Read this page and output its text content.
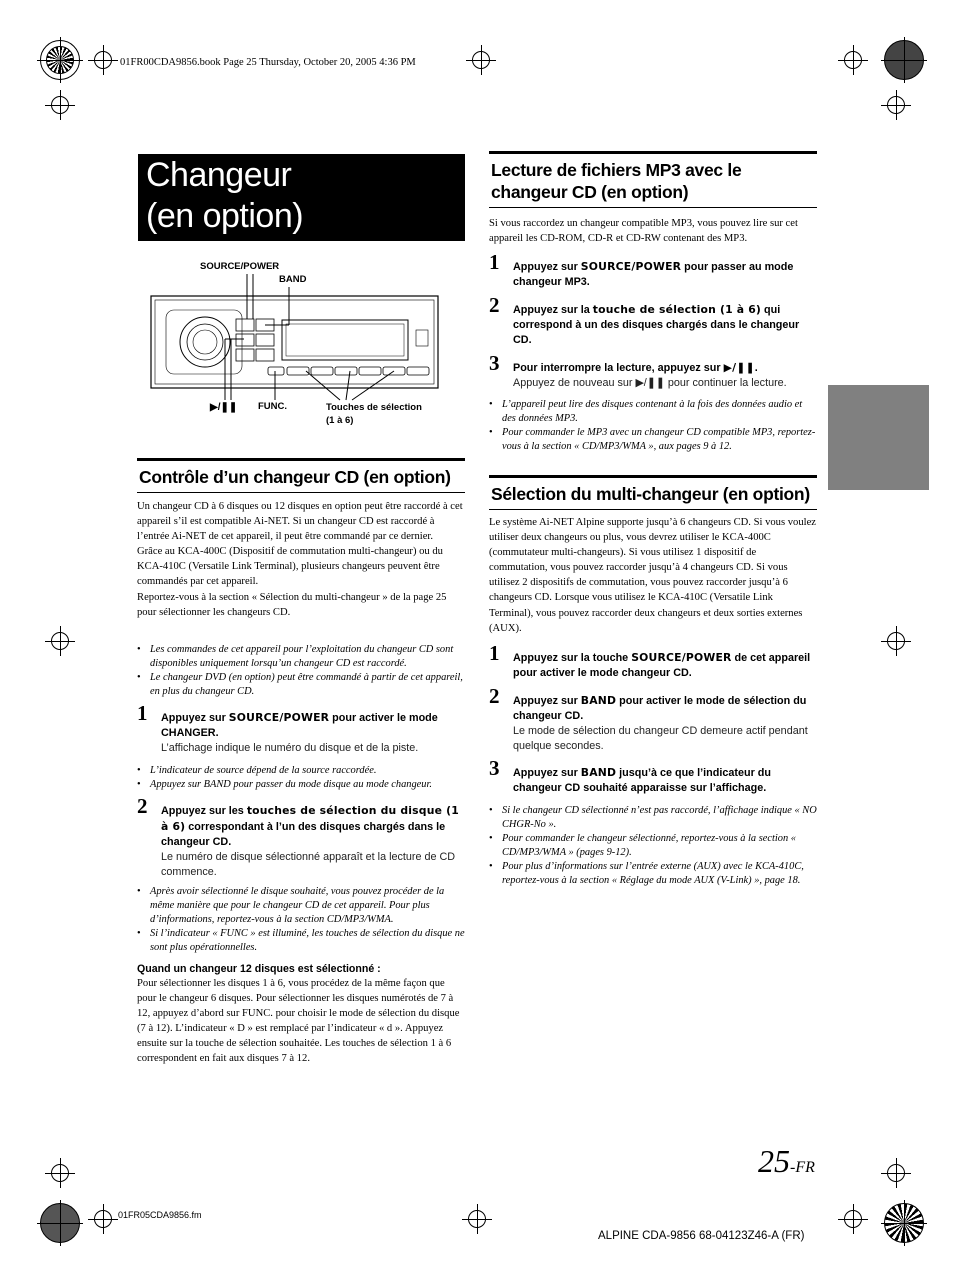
01FR00CDA9856.book Page 25 Thursday, October 20, 2005 4:36 PM
Changeur
(en option)
SOURCE/POWER
BAND
▶/❚❚ FUNC.	Touches de sélection
(1 à 6)
Contrôle d’un changeur CD (en option)
Un changeur CD à 6 disques ou 12 disques en option peut être raccordé à cet appareil s’il est compatible Ai-NET. Si un changeur CD est raccordé à l’entrée Ai-NET de cet appareil, il peut être commandé par ce dernier.
Grâce au KCA-400C (Dispositif de commutation multi-changeur) ou du KCA-410C (Versatile Link Terminal), plusieurs changeurs peuvent être commandés par cet appareil.
Reportez-vous à la section « Sélection du multi-changeur » de la page 25 pour sélectionner les changeurs CD.
• Les commandes de cet appareil pour l’exploitation du changeur CD sont disponibles uniquement lorsqu’un changeur CD est raccordé.
• Le changeur DVD (en option) peut être commandé à partir de cet appareil, en plus du changeur CD.
1 Appuyez sur SOURCE/POWER pour activer le mode CHANGER.
L’affichage indique le numéro du disque et de la piste.
• L’indicateur de source dépend de la source raccordée.
• Appuyez sur BAND pour passer du mode disque au mode changeur.
2 Appuyez sur les touches de sélection du disque (1 à 6) correspondant à l’un des disques chargés dans le changeur CD.
Le numéro de disque sélectionné apparaît et la lecture de CD commence.
• Après avoir sélectionné le disque souhaité, vous pouvez procéder de la même manière que pour le changeur CD de cet appareil. Pour plus d’informations, reportez-vous à la section CD/MP3/WMA.
• Si l’indicateur « FUNC » est illuminé, les touches de sélection du disque ne sont plus opérationnelles.
Quand un changeur 12 disques est sélectionné :
Pour sélectionner les disques 1 à 6, vous procédez de la même façon que pour le changeur 6 disques. Pour sélectionner les disques numérotés de 7 à 12, appuyez d’abord sur FUNC. pour choisir le mode de sélection du disque (7 à 12). L’indicateur « D » est remplacé par l’indicateur « d ». Appuyez ensuite sur la touche de sélection souhaitée. Les touches de sélection 1 à 6 correspondent en fait aux disques 7 à 12.
Lecture de fichiers MP3 avec le changeur CD (en option)
Si vous raccordez un changeur compatible MP3, vous pouvez lire sur cet appareil les CD-ROM, CD-R et CD-RW contenant des MP3.
1 Appuyez sur SOURCE/POWER pour passer au mode changeur MP3.
2 Appuyez sur la touche de sélection (1 à 6) qui correspond à un des disques chargés dans le changeur CD.
3 Pour interrompre la lecture, appuyez sur ▶/❚❚.
Appuyez de nouveau sur ▶/❚❚ pour continuer la lecture.
• L’appareil peut lire des disques contenant à la fois des données audio et des données MP3.
• Pour commander le MP3 avec un changeur CD compatible MP3, reportez-vous à la section « CD/MP3/WMA », aux pages 9 à 12.
Sélection du multi-changeur (en option)
Le système Ai-NET Alpine supporte jusqu’à 6 changeurs CD. Si vous voulez utiliser deux changeurs ou plus, vous devrez utiliser le KCA-400C (commutateur multi-changeurs). Si vous utilisez 1 dispositif de commutation, vous pouvez raccorder jusqu’à 4 changeurs CD. Si vous utilisez 2 dispositifs de commutation, vous pouvez raccorder jusqu’à 6 changeurs CD. Lorsque vous utilisez le KCA-410C (Versatile Link Terminal), vous pouvez raccorder deux changeurs et deux sorties externes (AUX).
1 Appuyez sur la touche SOURCE/POWER de cet appareil pour activer le mode changeur CD.
2 Appuyez sur BAND pour activer le mode de sélection du changeur CD.
Le mode de sélection du changeur CD demeure actif pendant quelque secondes.
3 Appuyez sur BAND jusqu’à ce que l’indicateur du changeur CD souhaité apparaisse sur l’affichage.
• Si le changeur CD sélectionné n’est pas raccordé, l’affichage indique « NO CHGR-No ».
• Pour commander le changeur sélectionné, reportez-vous à la section « CD/MP3/WMA » (pages 9-12).
• Pour plus d’informations sur l’entrée externe (AUX) avec le KCA-410C, reportez-vous à la section « Réglage du mode AUX (V-Link) », page 18.
25-FR
01FR05CDA9856.fm
ALPINE CDA-9856 68-04123Z46-A (FR)
